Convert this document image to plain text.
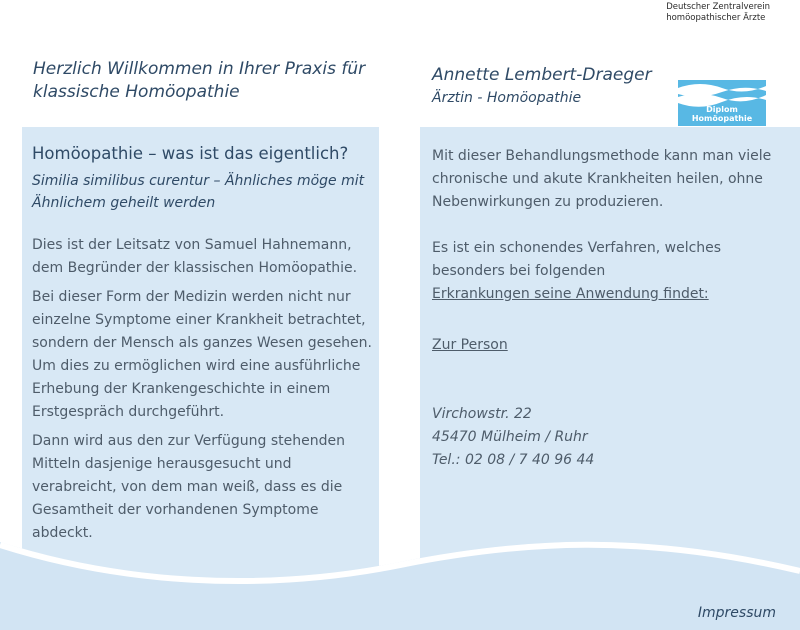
Deutscher Zentralverein
homöopathischer Ärzte
Herzlich Willkommen in Ihrer Praxis für
klassische Homöopathie
Annette Lembert-Draeger
Ärztin - Homöopathie
Diplom Homöopathie
Homöopathie – was ist das eigentlich?
Similia similibus curentur – Ähnliches möge mit Ähnlichem geheilt werden

Dies ist der Leitsatz von Samuel Hahnemann, dem Begründer der klassischen Homöopathie.

Bei dieser Form der Medizin werden nicht nur einzelne Symptome einer Krankheit betrachtet, sondern der Mensch als ganzes Wesen gesehen. Um dies zu ermöglichen wird eine ausführliche Erhebung der Krankengeschichte in einem Erstgespräch durchgeführt.

Dann wird aus den zur Verfügung stehenden Mitteln dasjenige herausgesucht und verabreicht, von dem man weiß, dass es die Gesamtheit der vorhandenen Symptome abdeckt.

Mit dieser Behandlungsmethode kann man viele chronische und akute Krankheiten heilen, ohne Nebenwirkungen zu produzieren.

Es ist ein schonendes Verfahren, welches

besonders bei folgenden

Erkrankungen seine Anwendung findet:

Zur Person

Virchowstr. 22
45470 Mülheim / Ruhr
Tel.: 02 08 / 7 40 96 44
Impressum
